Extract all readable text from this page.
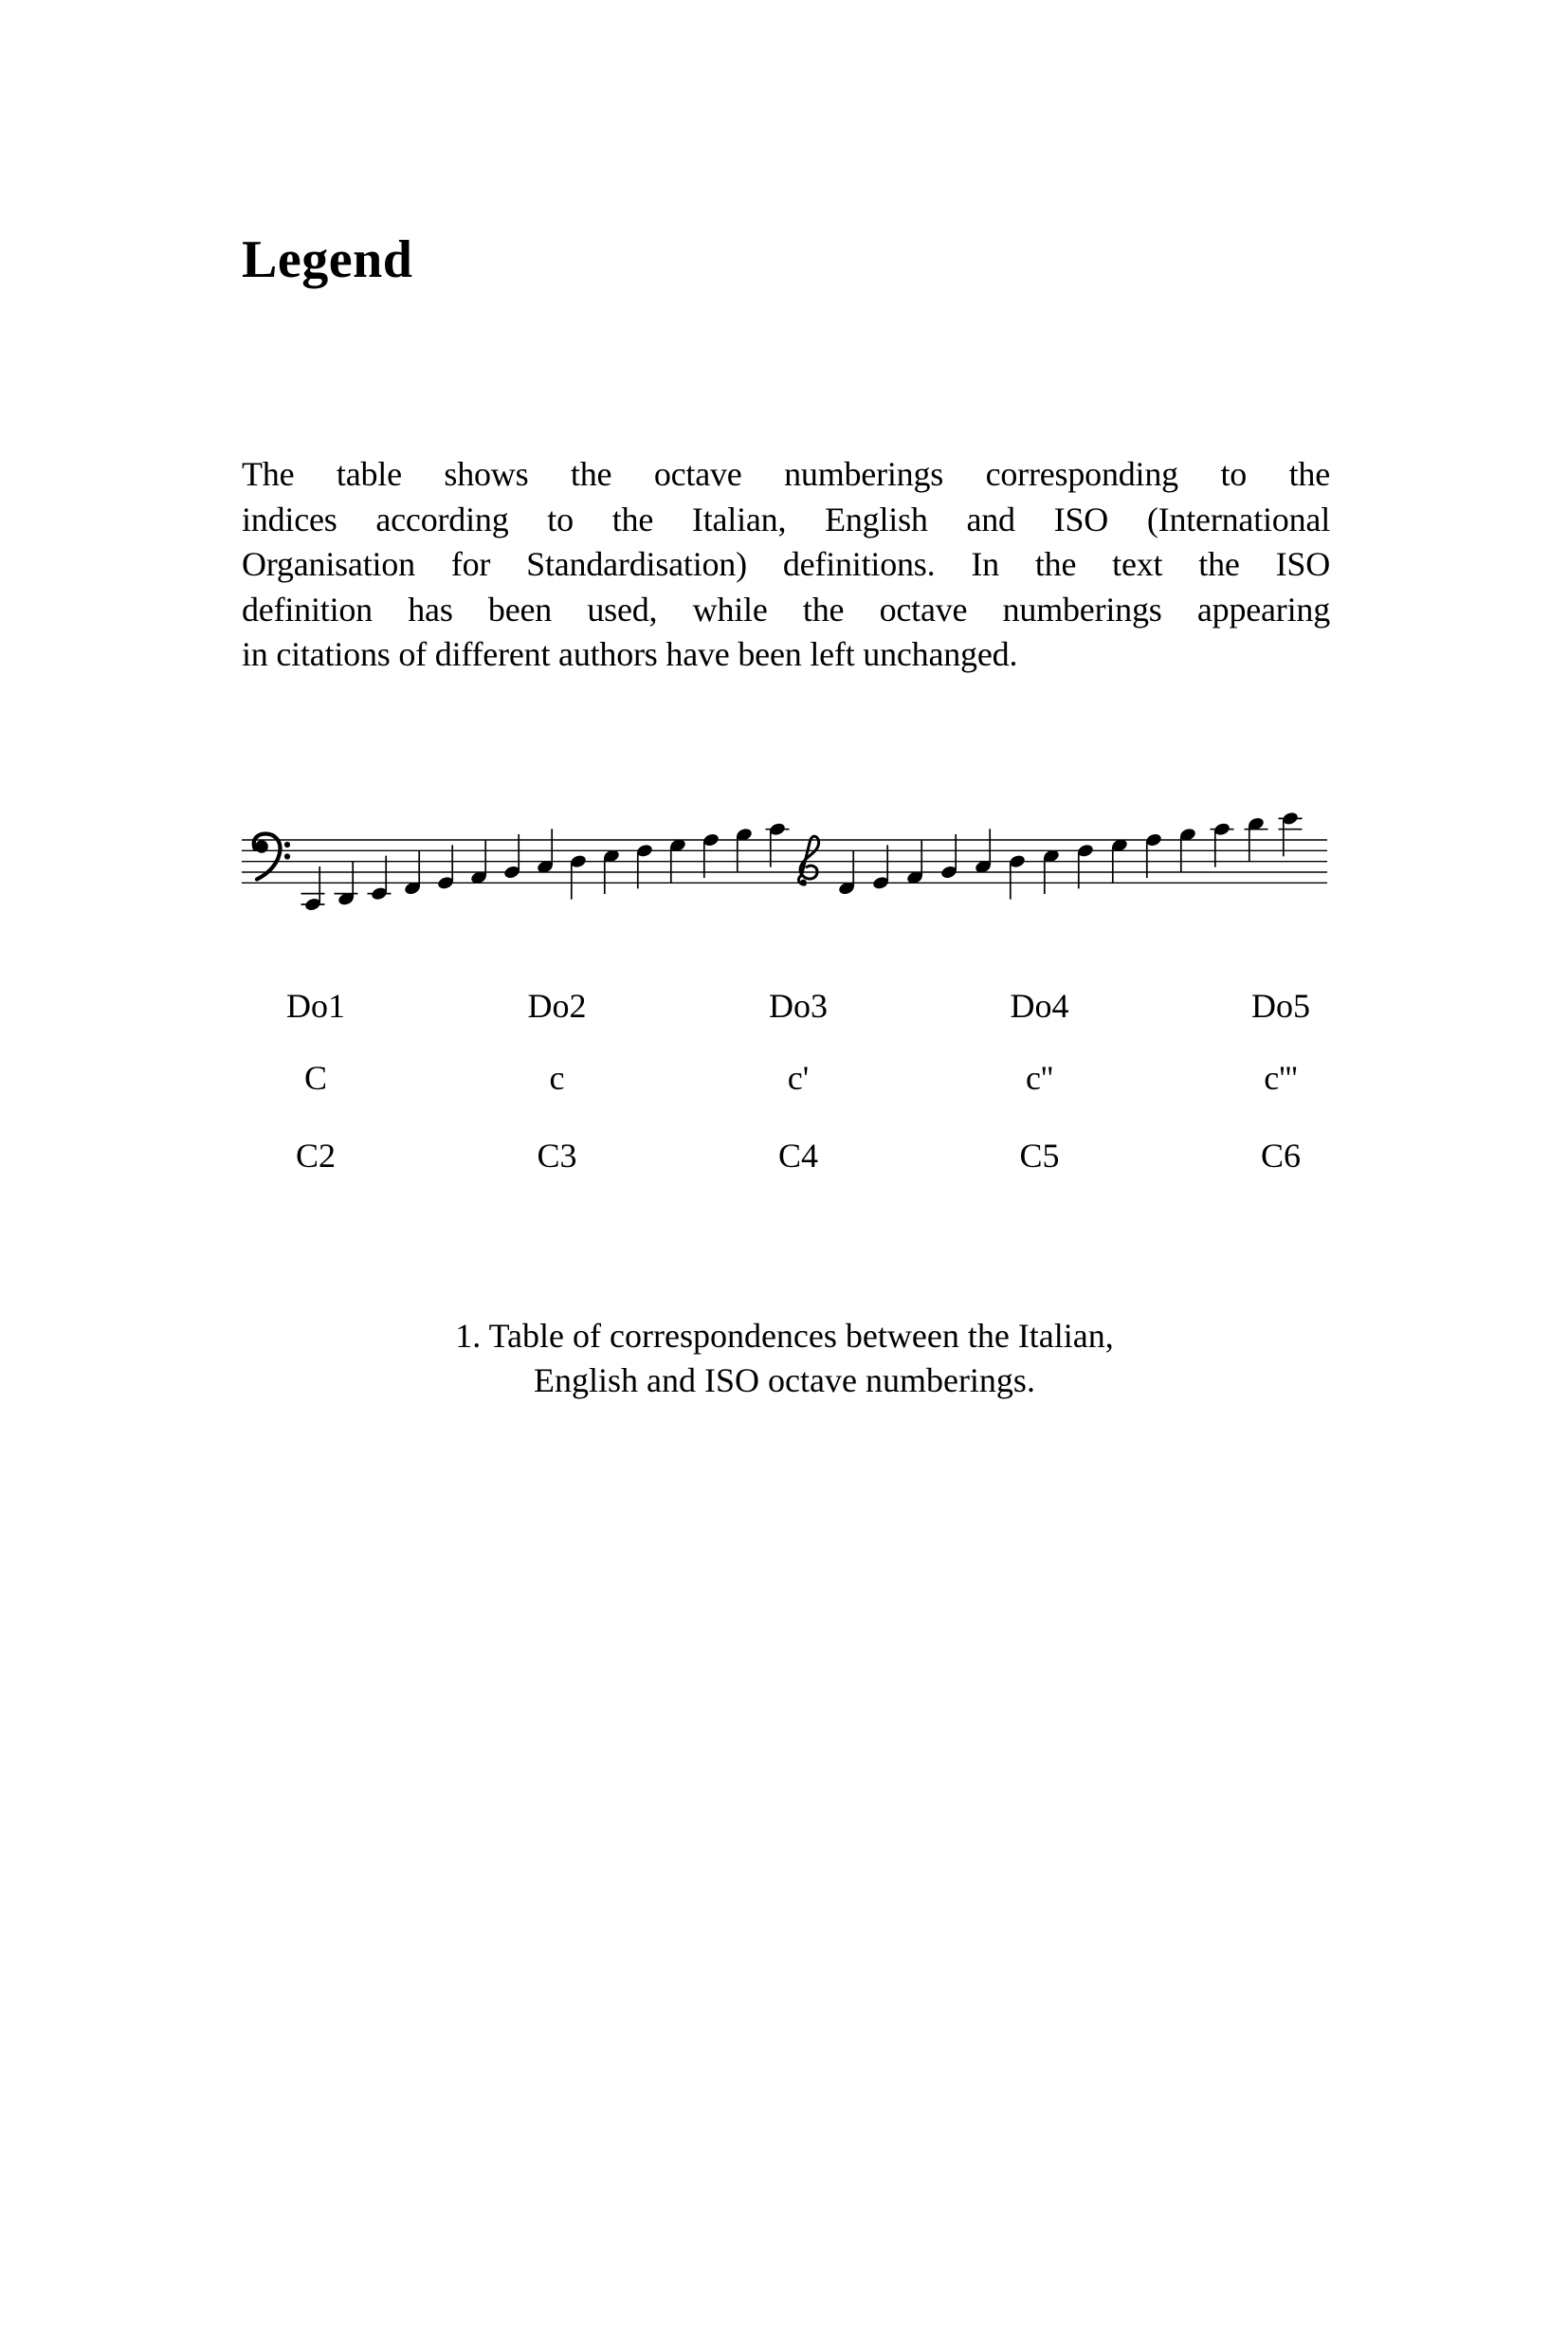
Legend
The table shows the octave numberings corresponding to the
indices according to the Italian, English and ISO (International
Organisation for Standardisation) definitions. In the text the ISO
definition has been used, while the octave numberings appearing
in citations of different authors have been left unchanged.
Do1	Do2	Do3	Do4	Do5
C	c	c'	c''	c'''
C2	C3	C4	C5	C6
1. Table of correspondences between the Italian,
English and ISO octave numberings.
